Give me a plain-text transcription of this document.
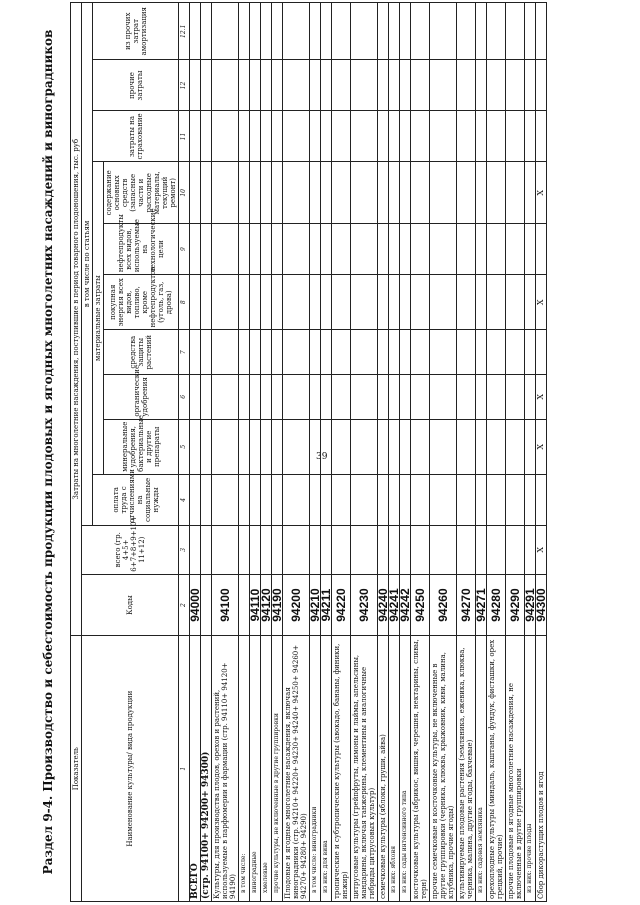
39
Раздел 9-4. Производство и себестоимость продукции плодовых и ягодных многолетних насаждений и виноградников Показатель	Затраты на многолетние насаждения, поступившие в период товарного плодоношения, тыс. руб											
Наименование культуры/ вида продукции	Коды	всего (гр. 4+5+ 6+7+8+9+10+ 11+12)	в том числе по статьям									
			оплата труда с отчислениями на социальные нужды	материальные затраты						затраты на страхование	прочие затраты	из прочих затрат амортизация
				минеральные удобрения, бактериальные и другие препараты	органические удобрения	средства защиты растений	покупная энергия всех видов, топливо, кроме нефтепродуктов (уголь, газ, дрова)	нефтепродукты всех видов, используемые на технологические цели	содержание основных средств (запасные части и расходные материалы, текущий ремонт)			
1	2	3	4	5	6	7	8	9	10	11	12	12.1
ВСЕГО	94000											
(стр. 94100+ 94200+ 94300)												
Культуры, для производства плодов, орехов и растений, используемые в парфюмерии и фармации (стр. 94110+ 94120+ 94190)	94100											
в том числе:												
виноградные	94110											
хмелевые	94120											
прочие культуры, не включенные в другие группировки	94190											
Плодовые и ягодные многолетние насаждения, включая виноградники (стр. 94210+ 94220+ 94230+ 94240+ 94250+ 94260+ 94270+ 94280+ 94290)	94200											
в том числе: виноградники	94210											
из них: для вина	94211											
тропические и субтропические культуры (авокадо, бананы, финики, инжир)	94220											
цитрусовые культуры (грейпфруты, лимоны и лаймы, апельсины, мандарины, включая танжерины, клементины и аналогичные гибриды цитрусовых культур)	94230											
семечковые культуры (яблоки, груши, айва)	94240											
из них: яблоня	94241											
из них: сады интенсивного типа	94242											
косточковые культуры (абрикос, вишня, черешня, нектарины, сливы, терн)	94250											
прочие семечковые и косточковые культуры, не включенные в другие группировки (черника, клюква, крыжовник, киви, малина, клубника, прочие ягоды)	94260											
культивируемые плодовые растения (земляника, ежевика, клюква, черника, малина, другие ягоды, бахчевые)	94270											
из них: садовая земляника	94271											
орехоплодные культуры (миндаль, каштаны, фундук, фисташки, орех грецкий, прочие)	94280											
прочие плодовые и ягодные многолетние насаждения, не включенные в другие группировки	94290											
из них: прочие плоды	94291											
Сбор дикорастущих плодов и ягод	94300	Х		Х	Х		Х		Х			
